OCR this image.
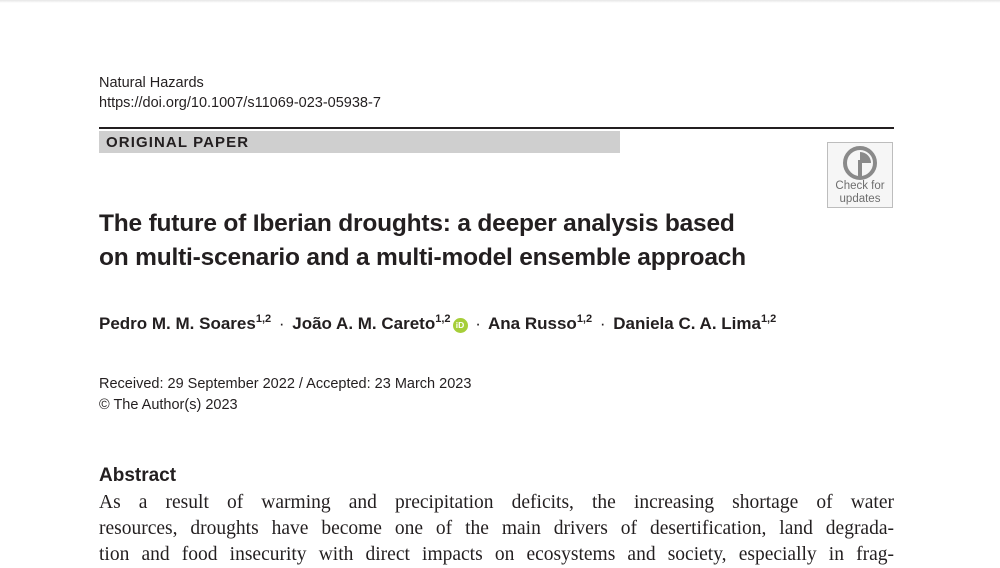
Natural Hazards
https://doi.org/10.1007/s11069-023-05938-7
ORIGINAL PAPER
Check for
updates
The future of Iberian droughts: a deeper analysis based
on multi-scenario and a multi-model ensemble approach
Pedro M. M. Soares$^{1,2}$ · João A. M. Careto$^{1,2}$ iD · Ana Russo$^{1,2}$ · Daniela C. A. Lima$^{1,2}$
Received: 29 September 2022 / Accepted: 23 March 2023
© The Author(s) 2023
Abstract
As a result of warming and precipitation deficits, the increasing shortage of water
resources, droughts have become one of the main drivers of desertification, land degrada-
tion and food insecurity with direct impacts on ecosystems and society, especially in frag-
